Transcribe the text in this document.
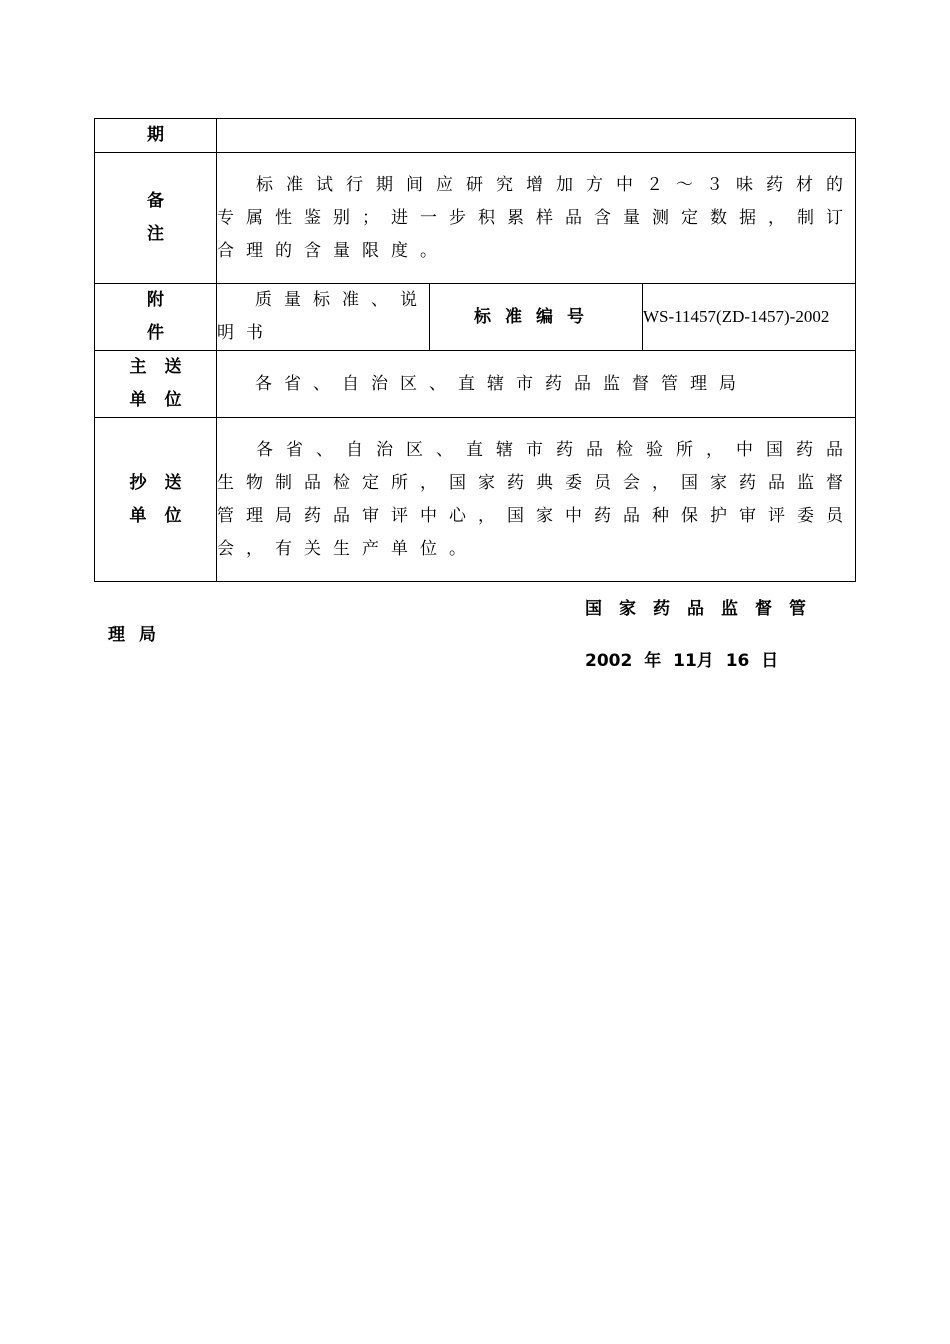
期			

备
注	标准试行期间应研究增加方中２～３味药材的专属性鉴别；进一步积累样品含量测定数据，制订合理的含量限度。		

附
件	质量标准、说明书	标准编号	WS-11457(ZD-1457)-2002

主送
单位	各省、自治区、直辖市药品监督管理局		

抄送
单位	各省、自治区、直辖市药品检验所，中国药品生物制品检定所，国家药典委员会，国家药品监督管理局药品审评中心，国家中药品种保护审评委员会，有关生产单位。		
国家药品监督管
理局
2002 年 11月 16 日
